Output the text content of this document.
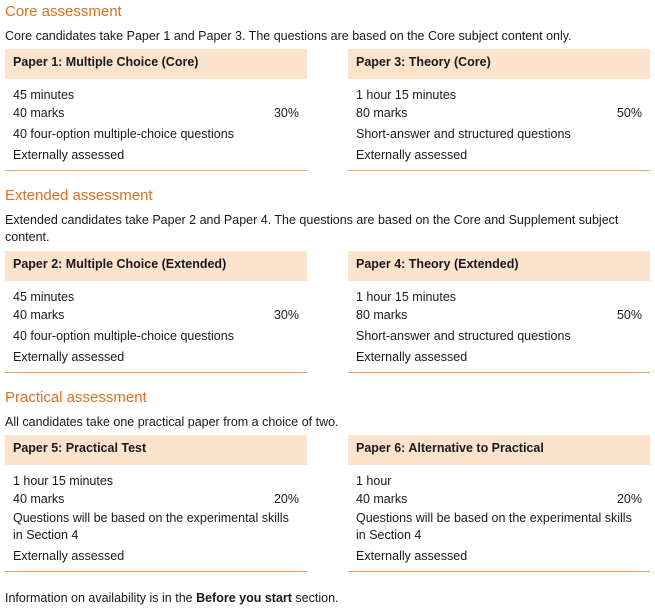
Core assessment

Core candidates take Paper 1 and Paper 3. The questions are based on the Core subject content only.

Paper 1: Multiple Choice (Core)
45 minutes
40 marks	30%
40 four-option multiple-choice questions
Externally assessed
Paper 3: Theory (Core)
1 hour 15 minutes
80 marks	50%
Short-answer and structured questions
Externally assessed
Extended assessment

Extended candidates take Paper 2 and Paper 4. The questions are based on the Core and Supplement subject content.

Paper 2: Multiple Choice (Extended)
45 minutes
40 marks	30%
40 four-option multiple-choice questions
Externally assessed
Paper 4: Theory (Extended)
1 hour 15 minutes
80 marks	50%
Short-answer and structured questions
Externally assessed
Practical assessment

All candidates take one practical paper from a choice of two.

Paper 5: Practical Test
1 hour 15 minutes
40 marks	20%
Questions will be based on the experimental skills in Section 4
Externally assessed
Paper 6: Alternative to Practical
1 hour
40 marks	20%
Questions will be based on the experimental skills in Section 4
Externally assessed

Information on availability is in the Before you start section.
